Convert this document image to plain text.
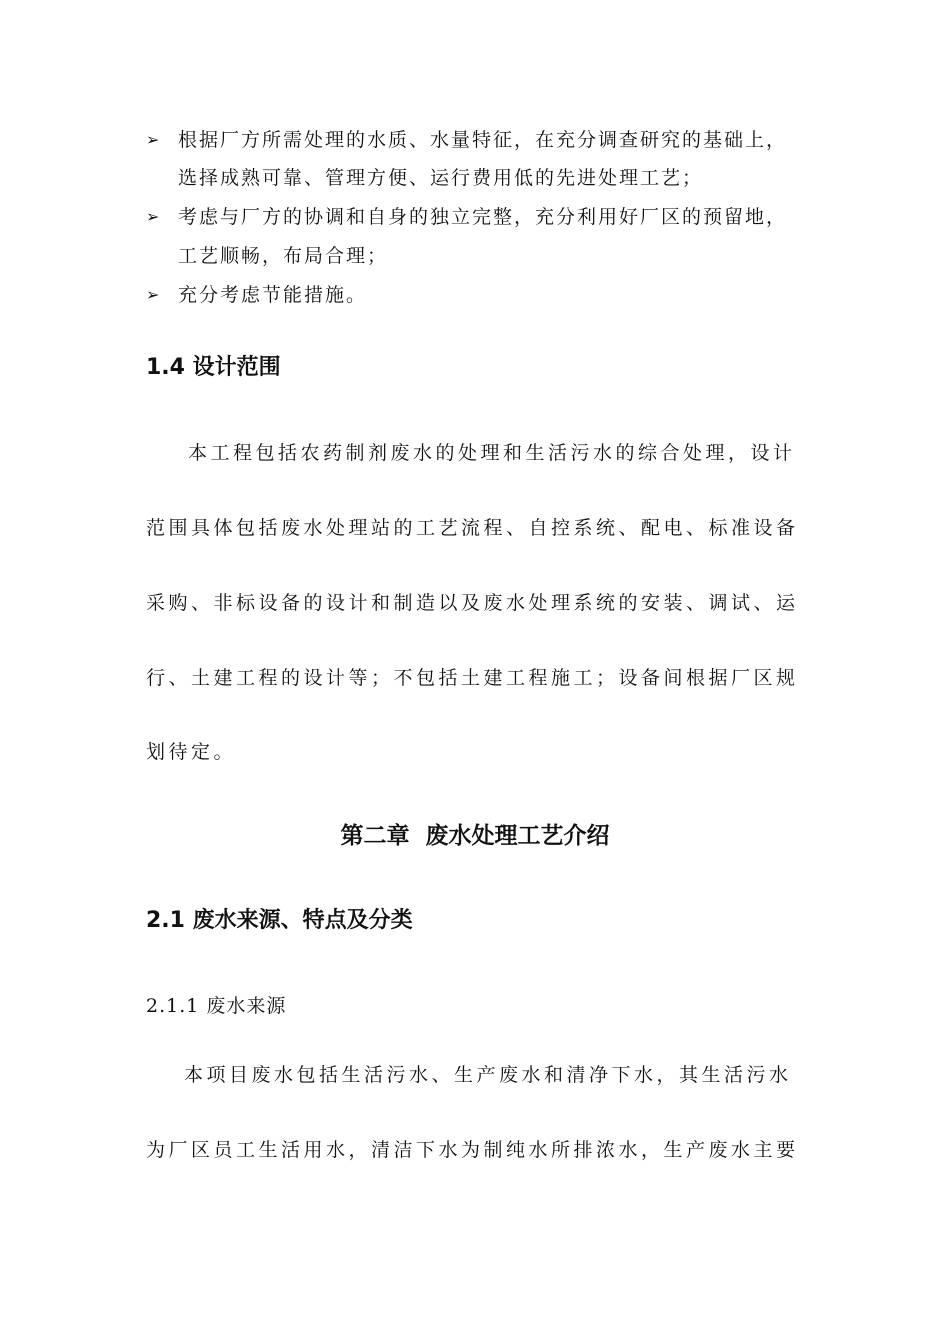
➢ 根据厂方所需处理的水质、水量特征，在充分调查研究的基础上，
选择成熟可靠、管理方便、运行费用低的先进处理工艺；
➢ 考虑与厂方的协调和自身的独立完整，充分利用好厂区的预留地，
工艺顺畅，布局合理；
➢ 充分考虑节能措施。
1.4 设计范围
本工程包括农药制剂废水的处理和生活污水的综合处理，设计
范围具体包括废水处理站的工艺流程、自控系统、配电、标准设备
采购、非标设备的设计和制造以及废水处理系统的安装、调试、运
行、土建工程的设计等；不包括土建工程施工；设备间根据厂区规
划待定。
第二章  废水处理工艺介绍
2.1 废水来源、特点及分类
2.1.1 废水来源
本项目废水包括生活污水、生产废水和清净下水，其生活污水
为厂区员工生活用水，清洁下水为制纯水所排浓水，生产废水主要
